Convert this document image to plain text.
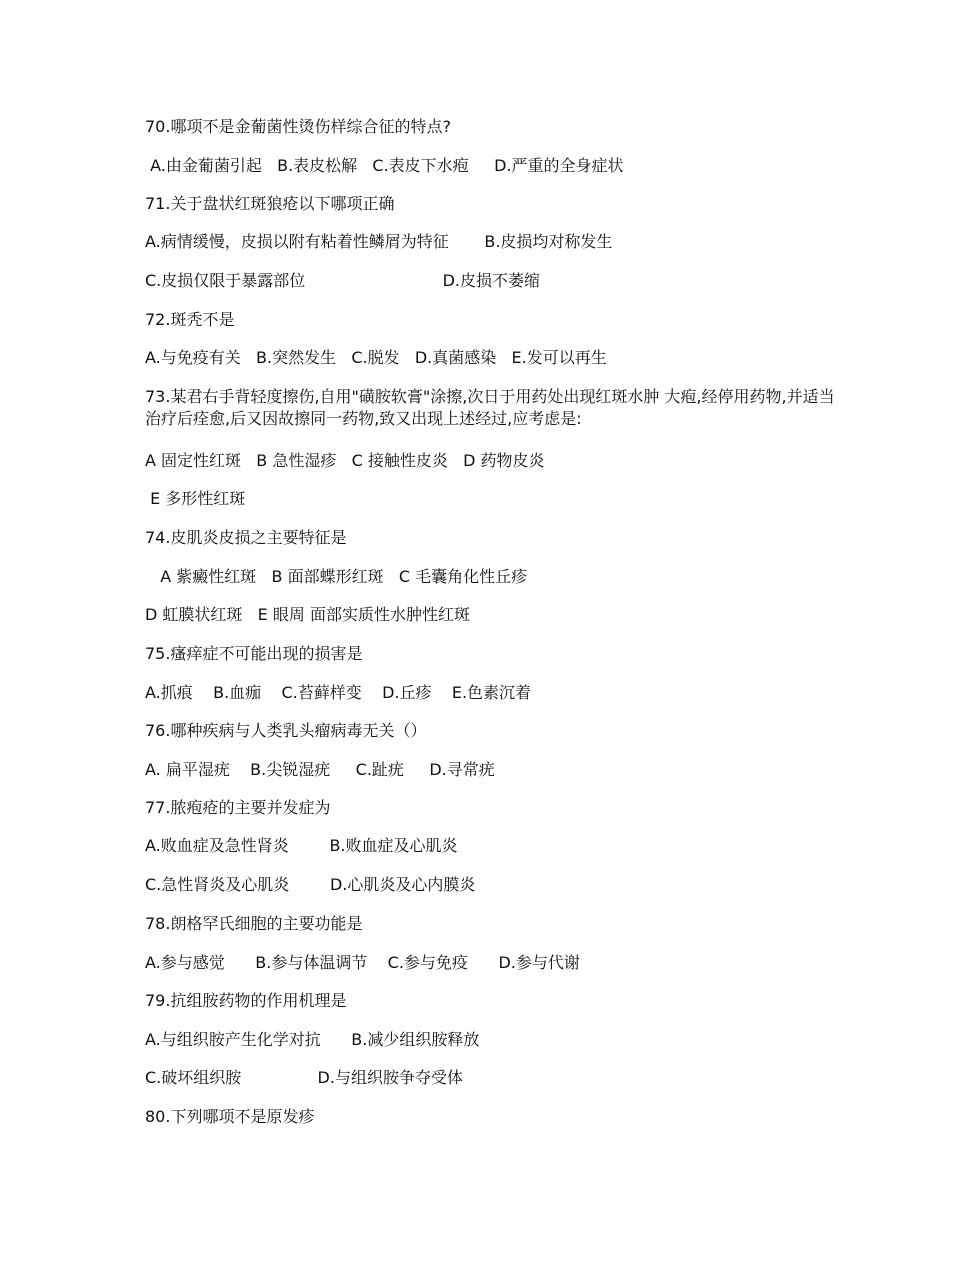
70.哪项不是金葡菌性烫伤样综合征的特点?
A.由金葡菌引起   B.表皮松解   C.表皮下水疱     D.严重的全身症状
71.关于盘状红斑狼疮以下哪项正确
A.病情缓慢，皮损以附有粘着性鳞屑为特征       B.皮损均对称发生
C.皮损仅限于暴露部位                           D.皮损不萎缩
72.斑秃不是
A.与免疫有关   B.突然发生   C.脱发   D.真菌感染   E.发可以再生
73.某君右手背轻度擦伤,自用"磺胺软膏"涂擦,次日于用药处出现红斑水肿 大疱,经停用药物,并适当治疗后痊愈,后又因故擦同一药物,致又出现上述经过,应考虑是:
A 固定性红斑   B 急性湿疹   C 接触性皮炎   D 药物皮炎
E 多形性红斑
74.皮肌炎皮损之主要特征是
A 紫癜性红斑   B 面部蝶形红斑   C 毛囊角化性丘疹
D 虹膜状红斑   E 眼周 面部实质性水肿性红斑
75.瘙痒症不可能出现的损害是
A.抓痕    B.血痂    C.苔藓样变    D.丘疹    E.色素沉着
76.哪种疾病与人类乳头瘤病毒无关（）
A. 扁平湿疣    B.尖锐湿疣     C.趾疣     D.寻常疣
77.脓疱疮的主要并发症为
A.败血症及急性肾炎        B.败血症及心肌炎
C.急性肾炎及心肌炎        D.心肌炎及心内膜炎
78.朗格罕氏细胞的主要功能是
A.参与感觉      B.参与体温调节    C.参与免疫      D.参与代谢
79.抗组胺药物的作用机理是
A.与组织胺产生化学对抗      B.减少组织胺释放
C.破坏组织胺               D.与组织胺争夺受体
80.下列哪项不是原发疹
